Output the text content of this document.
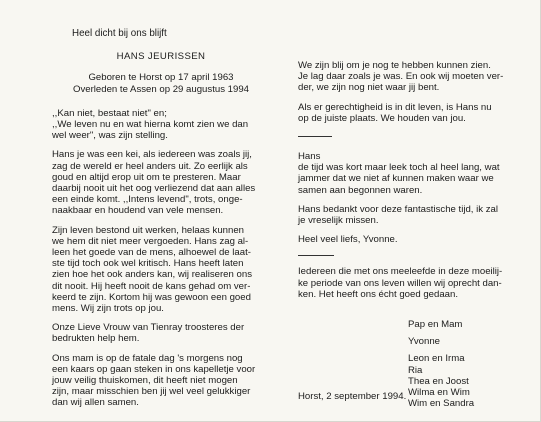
Heel dicht bij ons blijft
HANS JEURISSEN
Geboren te Horst op 17 april 1963
Overleden te Assen op 29 augustus 1994
,,Kan niet, bestaat niet" en;
,,We leven nu en wat hierna komt zien we dan
wel weer", was zijn stelling.
Hans je was een kei, als iedereen was zoals jij,
zag de wereld er heel anders uit. Zo eerlijk als
goud en altijd erop uit om te presteren. Maar
daarbij nooit uit het oog verliezend dat aan alles
een einde komt. ,,Intens levend", trots, onge-
naakbaar en houdend van vele mensen.
Zijn leven bestond uit werken, helaas kunnen
we hem dit niet meer vergoeden. Hans zag al-
leen het goede van de mens, alhoewel de laat-
ste tijd toch ook wel kritisch. Hans heeft laten
zien hoe het ook anders kan, wij realiseren ons
dit nooit. Hij heeft nooit de kans gehad om ver-
keerd te zijn. Kortom hij was gewoon een goed
mens. Wij zijn trots op jou.
Onze Lieve Vrouw van Tienray troosteres der
bedrukten help hem.
Ons mam is op de fatale dag 's morgens nog
een kaars op gaan steken in ons kapelletje voor
jouw veilig thuiskomen, dit heeft niet mogen
zijn, maar misschien ben jij wel veel gelukkiger
dan wij allen samen.
We zijn blij om je nog te hebben kunnen zien.
Je lag daar zoals je was. En ook wij moeten ver-
der, we zijn nog niet waar jij bent.
Als er gerechtigheid is in dit leven, is Hans nu
op de juiste plaats. We houden van jou.
Hans
de tijd was kort maar leek toch al heel lang, wat
jammer dat we niet af kunnen maken waar we
samen aan begonnen waren.
Hans bedankt voor deze fantastische tijd, ik zal
je vreselijk missen.
Heel veel liefs, Yvonne.
Iedereen die met ons meeleefde in deze moeilij-
ke periode van ons leven willen wij oprecht dan-
ken. Het heeft ons écht goed gedaan.
Pap en Mam
Yvonne
Leon en Irma
Ria
Thea en Joost
Wilma en Wim
Wim en Sandra
Horst, 2 september 1994.
